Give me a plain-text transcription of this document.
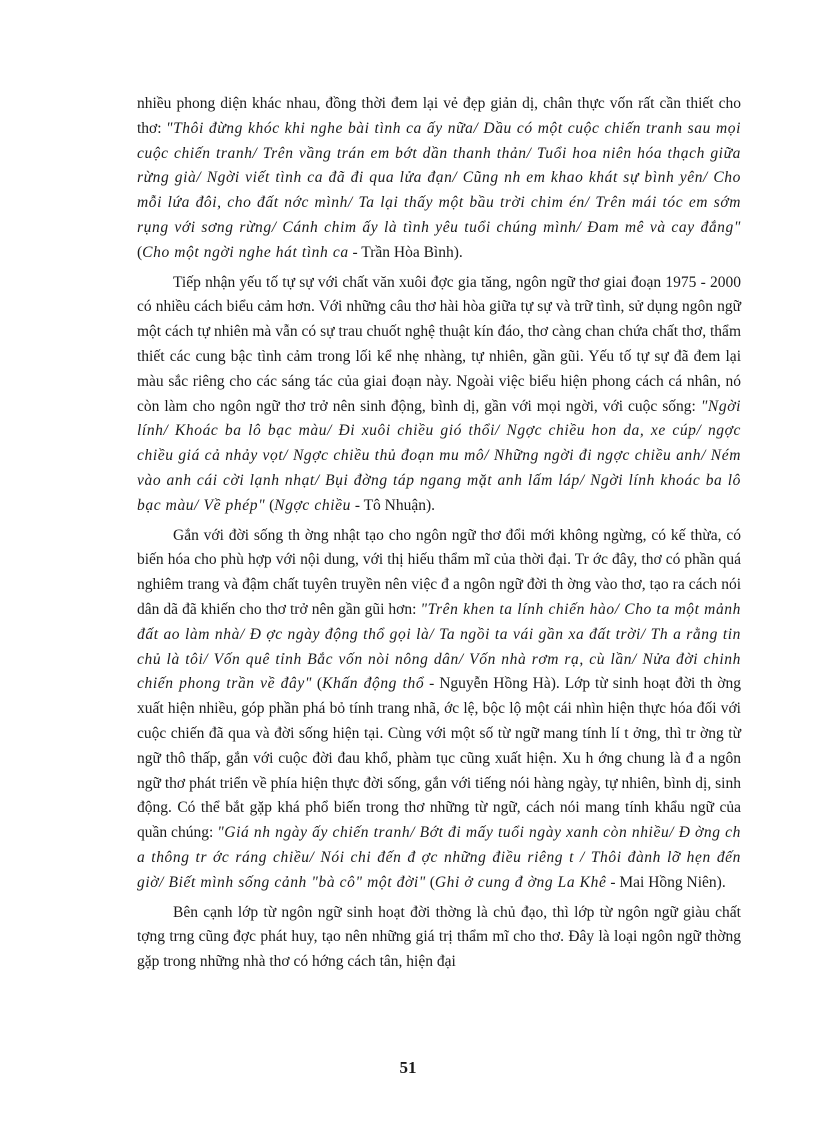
nhiều phong diện khác nhau, đồng thời đem lại vẻ đẹp giản dị, chân thực vốn rất cần thiết cho thơ: "Thôi đừng khóc khi nghe bài tình ca ấy nữa/ Dầu có một cuộc chiến tranh sau mọi cuộc chiến tranh/ Trên vầng trán em bớt dần thanh thản/ Tuổi hoa niên hóa thạch giữa rừng già/ Ngời viết tình ca đã đi qua lửa đạn/ Cũng nh em khao khát sự bình yên/ Cho mỗi lứa đôi, cho đất nớc mình/ Ta lại thấy một bầu trời chim én/ Trên mái tóc em sớm rụng với sơng rừng/ Cánh chim ấy là tình yêu tuổi chúng mình/ Đam mê và cay đắng" (Cho một ngời nghe hát tình ca - Trần Hòa Bình).

Tiếp nhận yếu tố tự sự với chất văn xuôi đợc gia tăng, ngôn ngữ thơ giai đoạn 1975 - 2000 có nhiều cách biểu cảm hơn. Với những câu thơ hài hòa giữa tự sự và trữ tình, sử dụng ngôn ngữ một cách tự nhiên mà vẫn có sự trau chuốt nghệ thuật kín đáo, thơ càng chan chứa chất thơ, thẩm thiết các cung bậc tình cảm trong lối kể nhẹ nhàng, tự nhiên, gần gũi. Yếu tố tự sự đã đem lại màu sắc riêng cho các sáng tác của giai đoạn này. Ngoài việc biểu hiện phong cách cá nhân, nó còn làm cho ngôn ngữ thơ trở nên sinh động, bình dị, gần với mọi ngời, với cuộc sống: "Ngời lính/ Khoác ba lô bạc màu/ Đi xuôi chiều gió thổi/ Ngợc chiều hon da, xe cúp/ ngợc chiều giá cả nhảy vọt/ Ngợc chiều thủ đoạn mu mô/ Những ngời đi ngợc chiều anh/ Ném vào anh cái cời lạnh nhạt/ Bụi đờng táp ngang mặt anh lấm láp/ Ngời lính khoác ba lô bạc màu/ Về phép" (Ngợc chiều - Tô Nhuận).

Gắn với đời sống th ờng nhật tạo cho ngôn ngữ thơ đổi mới không ngừng, có kế thừa, có biến hóa cho phù hợp với nội dung, với thị hiếu thẩm mĩ của thời đại. Tr ớc đây, thơ có phần quá nghiêm trang và đậm chất tuyên truyền nên việc đ a ngôn ngữ đời th ờng vào thơ, tạo ra cách nói dân dã đã khiến cho thơ trở nên gần gũi hơn: "Trên khen ta lính chiến hào/ Cho ta một mảnh đất ao làm nhà/ Đ ợc ngày động thổ gọi là/ Ta ngồi ta vái gần xa đất trời/ Th a rằng tin chủ là tôi/ Vốn quê tỉnh Bắc vốn nòi nông dân/ Vốn nhà rơm rạ, cù lần/ Nửa đời chinh chiến phong trần về đây" (Khấn động thổ - Nguyễn Hồng Hà). Lớp từ sinh hoạt đời th ờng xuất hiện nhiều, góp phần phá bỏ tính trang nhã, ớc lệ, bộc lộ một cái nhìn hiện thực hóa đối với cuộc chiến đã qua và đời sống hiện tại. Cùng với một số từ ngữ mang tính lí t ởng, thì tr ờng từ ngữ thô thấp, gắn với cuộc đời đau khổ, phàm tục cũng xuất hiện. Xu h ớng chung là đ a ngôn ngữ thơ phát triển về phía hiện thực đời sống, gắn với tiếng nói hàng ngày, tự nhiên, bình dị, sinh động. Có thể bắt gặp khá phổ biến trong thơ những từ ngữ, cách nói mang tính khẩu ngữ của quần chúng: "Giá nh ngày ấy chiến tranh/ Bớt đi mấy tuổi ngày xanh còn nhiều/ Đ ờng ch a thông tr ớc ráng chiều/ Nói chi đến đ ợc những điều riêng t / Thôi đành lỡ hẹn đến giờ/ Biết mình sống cảnh "bà cô" một đời" (Ghi ở cung đ ờng La Khê - Mai Hồng Niên).

Bên cạnh lớp từ ngôn ngữ sinh hoạt đời thờng là chủ đạo, thì lớp từ ngôn ngữ giàu chất tợng trng cũng đợc phát huy, tạo nên những giá trị thẩm mĩ cho thơ. Đây là loại ngôn ngữ thờng gặp trong những nhà thơ có hớng cách tân, hiện đại

51
